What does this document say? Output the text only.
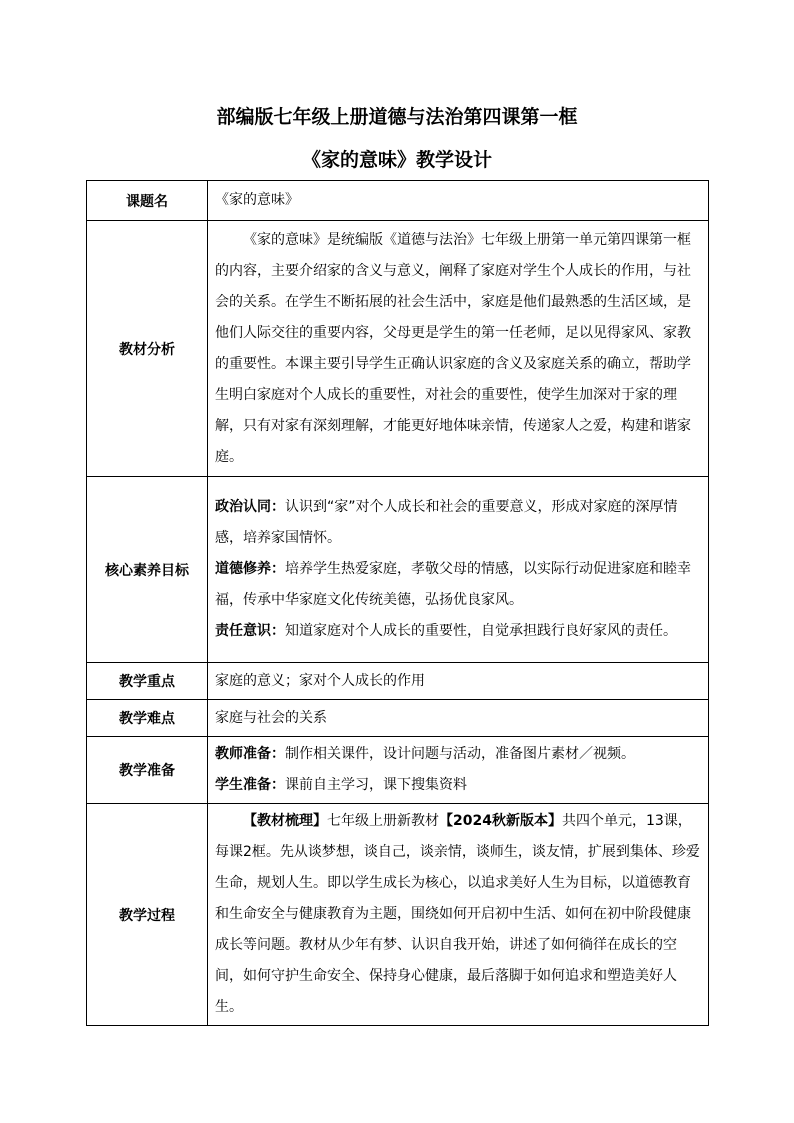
部编版七年级上册道德与法治第四课第一框
《家的意味》教学设计
课题名	《家的意味》
教材分析	《家的意味》是统编版《道德与法治》七年级上册第一单元第四课第一框的内容，主要介绍家的含义与意义，阐释了家庭对学生个人成长的作用，与社会的关系。在学生不断拓展的社会生活中，家庭是他们最熟悉的生活区域，是他们人际交往的重要内容，父母更是学生的第一任老师，足以见得家风、家教的重要性。本课主要引导学生正确认识家庭的含义及家庭关系的确立，帮助学生明白家庭对个人成长的重要性，对社会的重要性，使学生加深对于家的理解，只有对家有深刻理解，才能更好地体味亲情，传递家人之爱，构建和谐家庭。

核心素养目标	政治认同：认识到“家”对个人成长和社会的重要意义，形成对家庭的深厚情感，培养家国情怀。

道德修养：培养学生热爱家庭，孝敬父母的情感，以实际行动促进家庭和睦幸福，传承中华家庭文化传统美德，弘扬优良家风。

责任意识：知道家庭对个人成长的重要性，自觉承担践行良好家风的责任。

教学重点	家庭的意义；家对个人成长的作用
教学难点	家庭与社会的关系
教学准备	教师准备：制作相关课件，设计问题与活动，准备图片素材／视频。

学生准备：课前自主学习，课下搜集资料

教学过程	【教材梳理】七年级上册新教材【2024秋新版本】共四个单元，13课， 每课2框。先从谈梦想，谈自己，谈亲情，谈师生，谈友情，扩展到集体、珍爱生命，规划人生。即以学生成长为核心，以追求美好人生为目标，以道德教育和生命安全与健康教育为主题，围绕如何开启初中生活、如何在初中阶段健康成长等问题。教材从少年有梦、认识自我开始，讲述了如何徜徉在成长的空间，如何守护生命安全、保持身心健康，最后落脚于如何追求和塑造美好人生。
